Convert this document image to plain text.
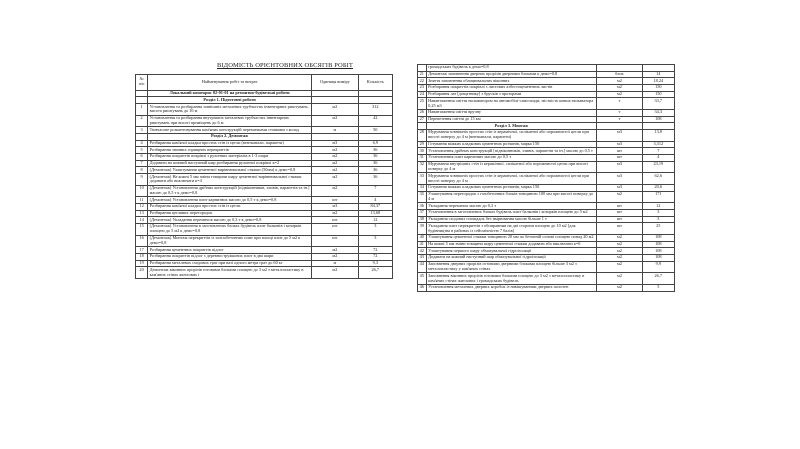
ВІДОМІСТЬ ОРІЄНТОВНИХ ОБСЯГІВ РОБІТ
№ п/п	Найменування робіт та витрат	Одиниця виміру	Кількість
	Локальний кошторис 02-01-01 на ремонтно-будівельні роботи		
	Розділ 1. Підготовчі роботи		
1	Установлення та розбирання зовнішніх металевих трубчастих інвентарних риштувань, висота риштувань до 16 м	м2	312
2	Установлення та розбирання внутрішніх металевих трубчастих інвентарних риштувань при висоті приміщень до 6 м	м2	42
3	Тимчасове розкантовування кам'яних конструкцій перемичками стояками з колод	м	50
	Розділ 2. Демонтаж		
4	Розбирання кам'яної кладки простих стін із цегли (вентканали, парапети)	м3	6,9
5	Розбирання значних горищних перекриттів	м2	36
6	Розбирання покриттів покрівлі з рулонних матеріалів в 1-3 шари	м2	36
7	Додавати на кожний наступний шар розбирання рулонної покрівлі к=2	м2	36
8	(Демонтаж) Улаштування цементної вирівнювальної стяжки (50мм) к демо=0,8	м2	36
9	(Демонтаж) На кожні 5 мм зміни товщини шару цементної вирівнювальної стяжки додавати або виключати к=4	м2	36
10	(Демонтаж) Установлення дрібних конструкцій [підвіконників, зливів, парапетів та ін.] масою до 0,5 т к демо=0,8	м2	7
11	(Демонтаж) Установлення плит карнизних масою до 0,5 т к демо=0,8	шт	4
12	Розбирання кам'яної кладки простих стін із цегли	м3	84,37
13	Розбирання цегляних перегородок	м2	13,68
14	(Демонтаж) Укладання перемичок масою до 0,3 т к демо=0,8	шт	12
15	(Демонтаж) Установлення в заготовлених блоках будівель плит балконів і козирків площею до 5 м2 к демо=0,8	шт	3
16	(Демонтаж) Монтаж перекриттів із залізобетонних плит при площі плит до 5 м2 к демо=0,8	шт	3
17	Розбирання цементних покриттів підлог	м2	72
18	Розбирання покриттів підлог з деревностружкових плит в два шари	м2	72
19	Розбирання металевих сходових грат при вазі одного метра грат до 60 кг	м	9,3
20	Демонтаж віконних прорізів готовими блоками площею до 3 м2 з металопластику в кам'яних стінах житлових і	м2	26,7
	громадських будівель к демо=0,8		
21	Демонтаж заповнення дверних прорізів дверними блоками к демо=0,8	блок	14
22	Зняття заповнення облицювальних віконних	м2	18,24
23	Розбирання покриттів покрівлі з листових азбестоцементних листів	м2	150
24	Розбирання лат [дощатнику] з брусків з прозорами	м2	150
25	Навантаження сміття екскаватором на автомобілі-самоскиди, місткість ковша екскаватора 0,25 м3	т	33,7
26	Навантаження сміття вручну	т	34,3
27	Перевезення сміття до 15 км	т	108
	Розділ 3. Монтаж		
28	Мурування зовнішніх простих стін із керамічної, силікатної або порожнистої цегли при висоті поверху до 4 м (вентканали, парапети)	м3	13,8
29	Готування важких кладкових цементних розчинів, марка 150	м3	3,312
30	Установлення дрібних конструкцій [підвіконників, зливів, парапетів та ін.] масою до 0,5 т	шт	7
31	Установлення плит карнизних масою до 0,5 т	шт	4
32	Мурування внутрішніх стін із керамічної, силікатної або порожнистої цегли при висоті поверху до 4 м	м3	23,19
33	Мурування зовнішніх простих стін із керамічної, силікатної або порожнистої цегли при висоті поверху до 4 м	м3	62,6
34	Готування важких кладкових цементних розчинів, марка 150	м3	20,6
35	Улаштування перегородок з газобетонних блоків товщиною 100 мм при висоті поверху до 4 м	м2	171
36	Укладання перемичок масою до 0,3 т	шт	12
37	Установлення в заготовлених блоках будівель плит балконів і козирків площею до 5 м2	шт	3
38	Укладання сходових площадок без зварювання масою більше 1 т	шт	3
39	Укладання плит перекриттів з обпиранням на дві сторони площею до 10 м2 [для будівництва в районах із сейсмічністю 7 балів]	шт	25
40	Улаштування цементної стяжки товщиною 20 мм по бетонній основі площею понад 20 м2	м2	108
41	На кожні 5 мм зміни товщини шару цементної стяжки додавати або виключати к=6	м2	108
42	Улаштування першого шару обмазувальної гідроізоляції	м2	108
43	Додавати на кожний наступний шар обмазувальної гідроізоляції	м2	108
44	Заповнення дверних прорізів готовими дверними блоками площею більше 3 м2 з металопластику у кам'яних стінах	м2	9,9
45	Заповнення віконних прорізів готовими блоками площею до 3 м2 з металопластику в кам'яних стінах житлових і громадських будівель	м2	26,7
46	Установлення металевих дверних коробок із навішуванням дверних полотен	м2	5
